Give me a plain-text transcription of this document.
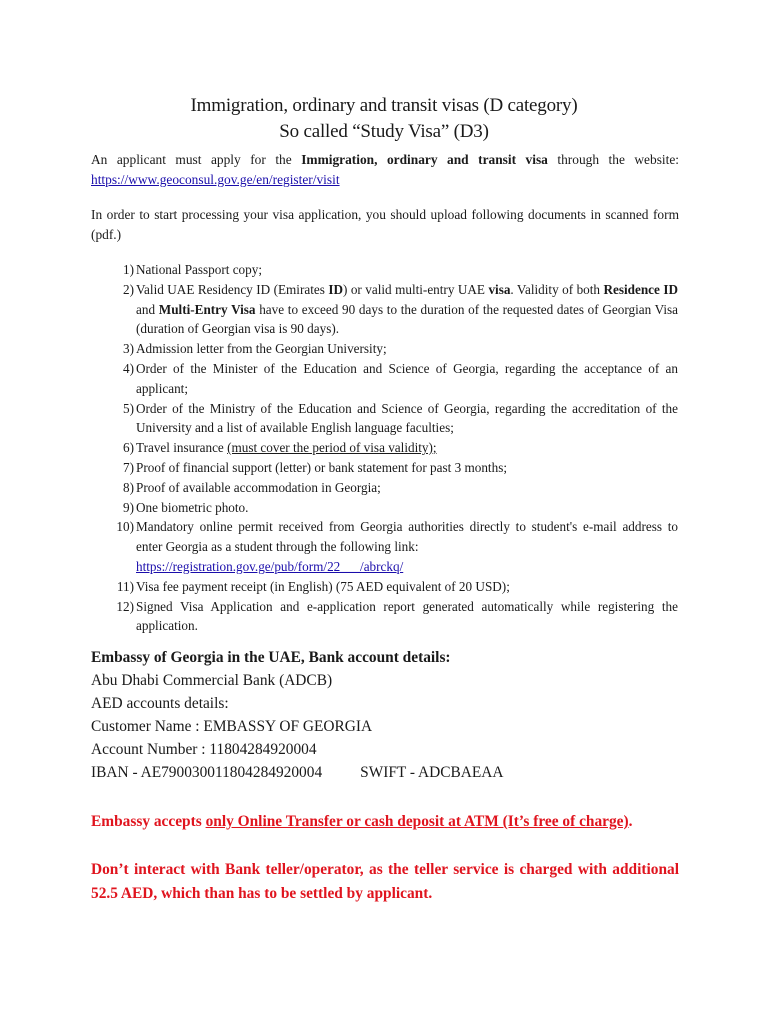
Immigration, ordinary and transit visas (D category)
So called “Study Visa” (D3)
An applicant must apply for the Immigration, ordinary and transit visa through the website: https://www.geoconsul.gov.ge/en/register/visit
In order to start processing your visa application, you should upload following documents in scanned form (pdf.)
1) National Passport copy;
2) Valid UAE Residency ID (Emirates ID) or valid multi-entry UAE visa. Validity of both Residence ID and Multi-Entry Visa have to exceed 90 days to the duration of the requested dates of Georgian Visa (duration of Georgian visa is 90 days).
3) Admission letter from the Georgian University;
4) Order of the Minister of the Education and Science of Georgia, regarding the acceptance of an applicant;
5) Order of the Ministry of the Education and Science of Georgia, regarding the accreditation of the University and a list of available English language faculties;
6) Travel insurance (must cover the period of visa validity);
7) Proof of financial support (letter) or bank statement for past 3 months;
8) Proof of available accommodation in Georgia;
9) One biometric photo.
10) Mandatory online permit received from Georgia authorities directly to student's e-mail address to enter Georgia as a student through the following link:
https://registration.gov.ge/pub/form/22___/abrckq/
11) Visa fee payment receipt (in English) (75 AED equivalent of 20 USD);
12) Signed Visa Application and e-application report generated automatically while registering the application.
Embassy of Georgia in the UAE, Bank account details:
Abu Dhabi Commercial Bank (ADCB)
AED accounts details:
Customer Name : EMBASSY OF GEORGIA
Account Number : 11804284920004
IBAN - AE790030011804284920004 SWIFT - ADCBAEAA
Embassy accepts only Online Transfer or cash deposit at ATM (It’s free of charge).
Don’t interact with Bank teller/operator, as the teller service is charged with additional 52.5 AED, which than has to be settled by applicant.
